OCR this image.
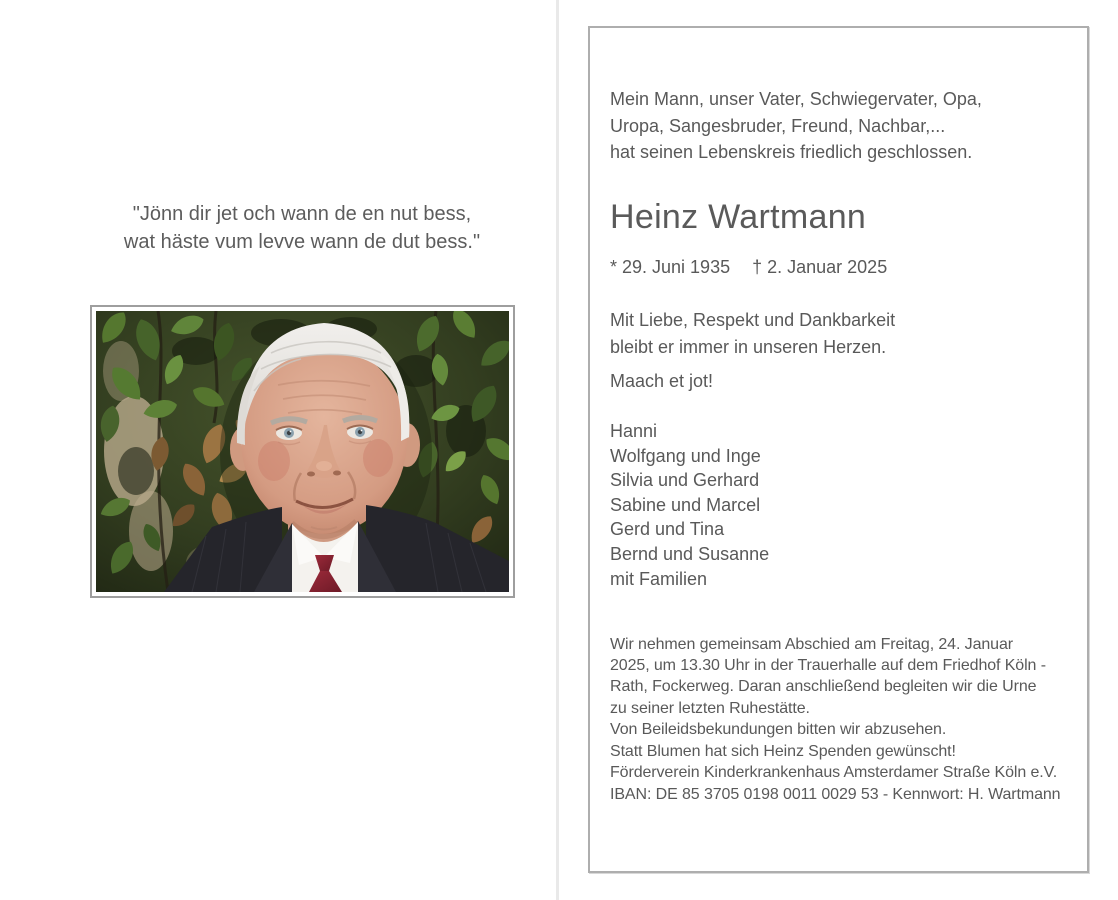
"Jönn dir jet och wann de en nut bess,
wat häste vum levve wann de dut bess."
Mein Mann, unser Vater, Schwiegervater, Opa,
Uropa, Sangesbruder, Freund, Nachbar,...
hat seinen Lebenskreis friedlich geschlossen.
Heinz Wartmann
* 29. Juni 1935 † 2. Januar 2025
Mit Liebe, Respekt und Dankbarkeit
bleibt er immer in unseren Herzen.
Maach et jot!
Hanni
Wolfgang und Inge
Silvia und Gerhard
Sabine und Marcel
Gerd und Tina
Bernd und Susanne
mit Familien
Wir nehmen gemeinsam Abschied am Freitag, 24. Januar
2025, um 13.30 Uhr in der Trauerhalle auf dem Friedhof Köln -
Rath, Fockerweg. Daran anschließend begleiten wir die Urne
zu seiner letzten Ruhestätte.
Von Beileidsbekundungen bitten wir abzusehen.
Statt Blumen hat sich Heinz Spenden gewünscht!
Förderverein Kinderkrankenhaus Amsterdamer Straße Köln e.V.
IBAN: DE 85 3705 0198 0011 0029 53 - Kennwort: H. Wartmann
